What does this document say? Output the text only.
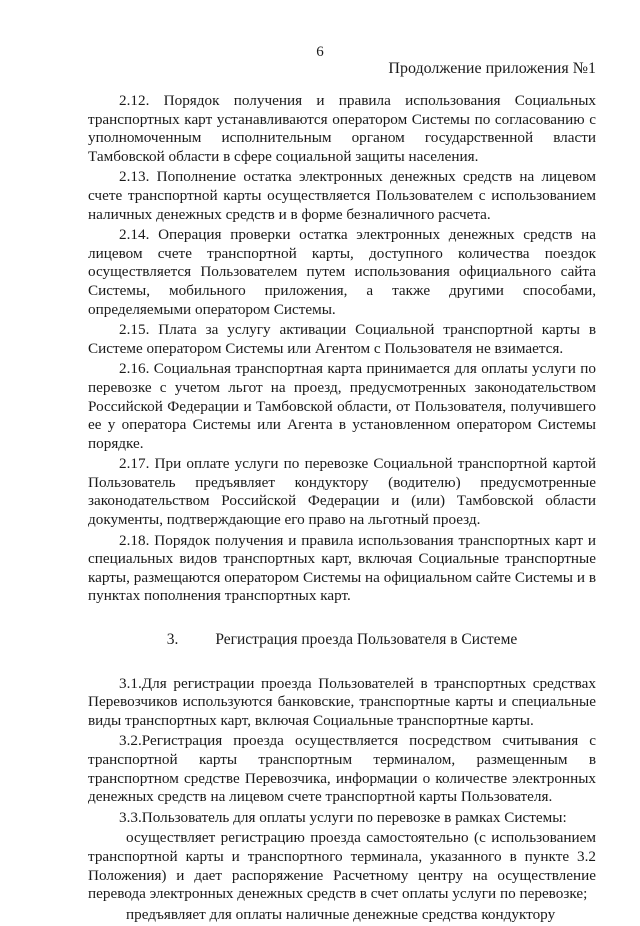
6
Продолжение приложения №1

2.12. Порядок получения и правила использования Социальных транспортных карт устанавливаются оператором Системы по согласованию с уполномоченным исполнительным органом государственной власти Тамбовской области в сфере социальной защиты населения.

2.13. Пополнение остатка электронных денежных средств на лицевом счете транспортной карты осуществляется Пользователем с использованием наличных денежных средств и в форме безналичного расчета.

2.14. Операция проверки остатка электронных денежных средств на лицевом счете транспортной карты, доступного количества поездок осуществляется Пользователем путем использования официального сайта Системы, мобильного приложения, а также другими способами, определяемыми оператором Системы.

2.15. Плата за услугу активации Социальной транспортной карты в Системе оператором Системы или Агентом с Пользователя не взимается.

2.16. Социальная транспортная карта принимается для оплаты услуги по перевозке с учетом льгот на проезд, предусмотренных законодательством Российской Федерации и Тамбовской области, от Пользователя, получившего ее у оператора Системы или Агента в установленном оператором Системы порядке.

2.17. При оплате услуги по перевозке Социальной транспортной картой Пользователь предъявляет кондуктору (водителю) предусмотренные законодательством Российской Федерации и (или) Тамбовской области документы, подтверждающие его право на льготный проезд.

2.18. Порядок получения и правила использования транспортных карт и специальных видов транспортных карт, включая Социальные транспортные карты, размещаются оператором Системы на официальном сайте Системы и в пунктах пополнения транспортных карт.

3. Регистрация проезда Пользователя в Системе

3.1.Для регистрации проезда Пользователей в транспортных средствах Перевозчиков используются банковские, транспортные карты и специальные виды транспортных карт, включая Социальные транспортные карты.

3.2.Регистрация проезда осуществляется посредством считывания с транспортной карты транспортным терминалом, размещенным в транспортном средстве Перевозчика, информации о количестве электронных денежных средств на лицевом счете транспортной карты Пользователя.

3.3.Пользователь для оплаты услуги по перевозке в рамках Системы:

осуществляет регистрацию проезда самостоятельно (с использованием транспортной карты и транспортного терминала, указанного в пункте 3.2 Положения) и дает распоряжение Расчетному центру на осуществление перевода электронных денежных средств в счет оплаты услуги по перевозке;

предъявляет для оплаты наличные денежные средства кондуктору
